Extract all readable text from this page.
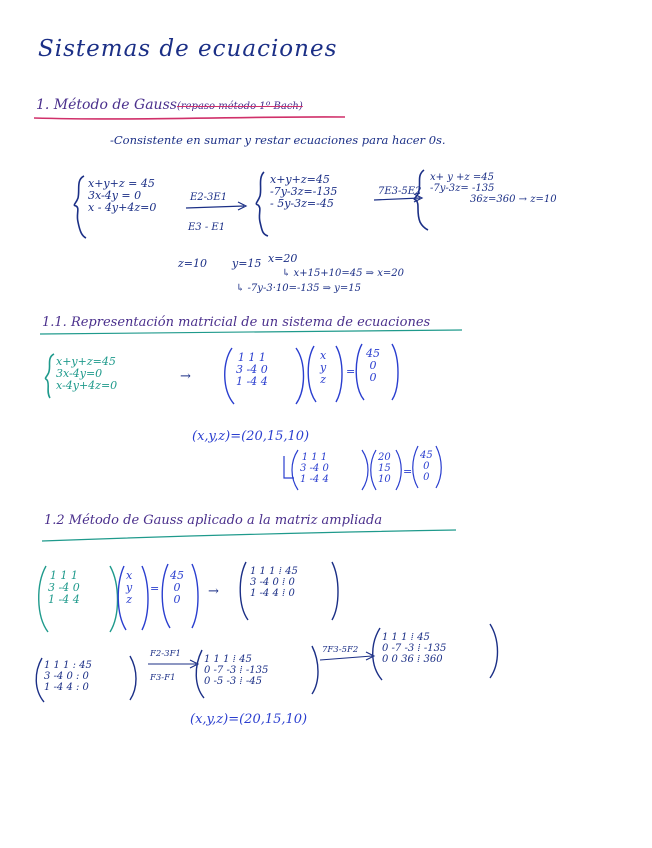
Sistemas de ecuaciones
1. Método de Gauss(repaso método 1º Bach)
-Consistente en sumar y restar ecuaciones para hacer 0s.
x+y+z = 45
3x-4y = 0
x - 4y+4z=0
E2-3E1
E3 - E1
x+y+z=45
-7y-3z=-135
- 5y-3z=-45
7E3-5E2
x+ y +z =45
-7y-3z= -135
36z=360 → z=10
z=10 y=15 x=20
↳ x+15+10=45 ⇒ x=20
↳ -7y-3·10=-135 ⇒ y=15
1.1. Representación matricial de un sistema de ecuaciones
x+y+z=45
3x-4y=0
x-4y+4z=0
→
1 1 1
3 -4 0
1 -4 4
x
y
z
=
45
0
0
(x,y,z)=(20,15,10)
1 1 1
3 -4 0
1 -4 4
20
15
10
=
45
0
0
1.2 Método de Gauss aplicado a la matriz ampliada
1 1 1
3 -4 0
1 -4 4
x
y
z
=
45
0
0
→
1 1 1 ⁞ 45
3 -4 0 ⁞ 0
1 -4 4 ⁞ 0
1 1 1 : 45
3 -4 0 : 0
1 -4 4 : 0
F2-3F1
F3-F1
1 1 1 ⁞ 45
0 -7 -3 ⁞ -135
0 -5 -3 ⁞ -45
7F3-5F2
1 1 1 ⁞ 45
0 -7 -3 ⁞ -135
0 0 36 ⁞ 360
(x,y,z)=(20,15,10)
